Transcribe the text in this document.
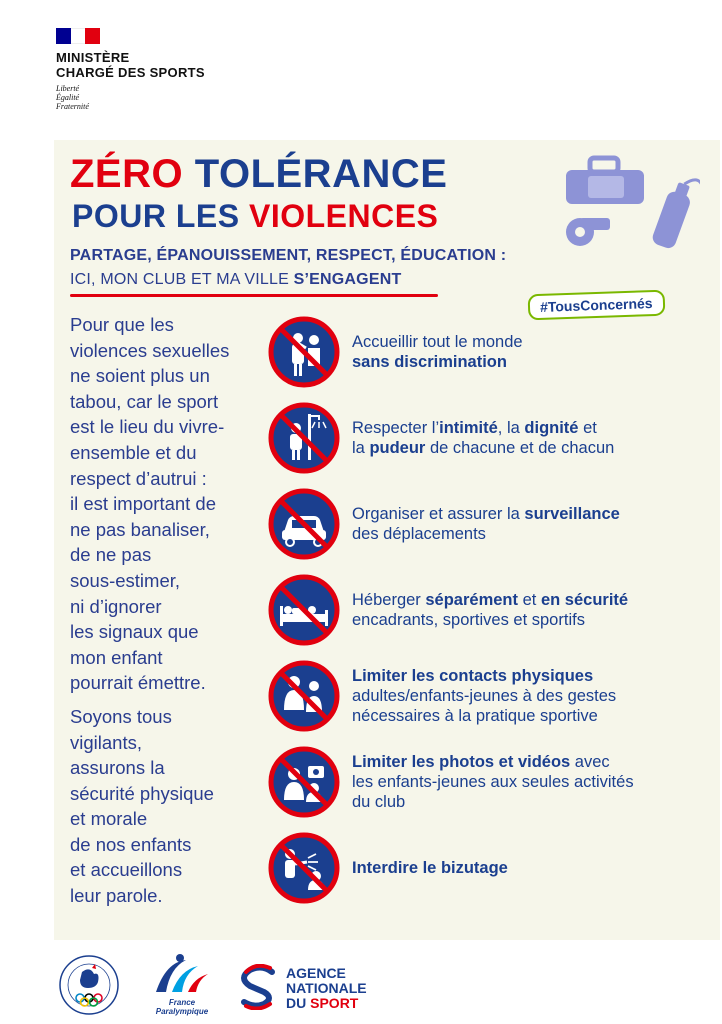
MINISTÈRE
CHARGÉ DES SPORTS
Liberté
Égalité
Fraternité
ZÉRO TOLÉRANCE
POUR LES VIOLENCES
PARTAGE, ÉPANOUISSEMENT, RESPECT, ÉDUCATION :
ICI, MON CLUB ET MA VILLE S’ENGAGENT
#TousConcernés

Pour que les
violences sexuelles
ne soient plus un
tabou, car le sport
est le lieu du vivre-
ensemble et du
respect d’autrui :
il est important de
ne pas banaliser,
de ne pas
sous-estimer,
ni d’ignorer
les signaux que
mon enfant
pourrait émettre.

Soyons tous
vigilants,
assurons la
sécurité physique
et morale
de nos enfants
et accueillons
leur parole.

Accueillir tout le monde
sans discrimination
Respecter l’intimité, la dignité et
la pudeur de chacune et de chacun
Organiser et assurer la surveillance
des déplacements
Héberger séparément et en sécurité
encadrants, sportives et sportifs
Limiter les contacts physiques
adultes/enfants-jeunes à des gestes
nécessaires à la pratique sportive
Limiter les photos et vidéos avec
les enfants-jeunes aux seules activités
du club
Interdire le bizutage
France
Paralympique
AGENCE
NATIONALE
DU SPORT
